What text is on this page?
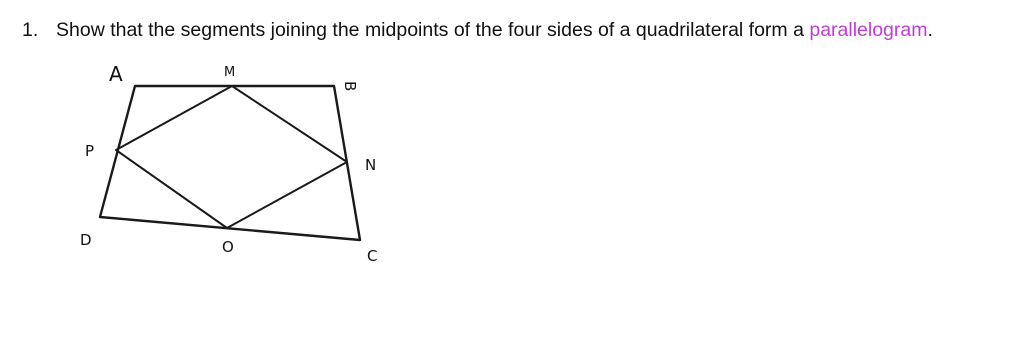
1. Show that the segments joining the midpoints of the four sides of a quadrilateral form a parallelogram.
A	M
B
P
N
D	O	C
